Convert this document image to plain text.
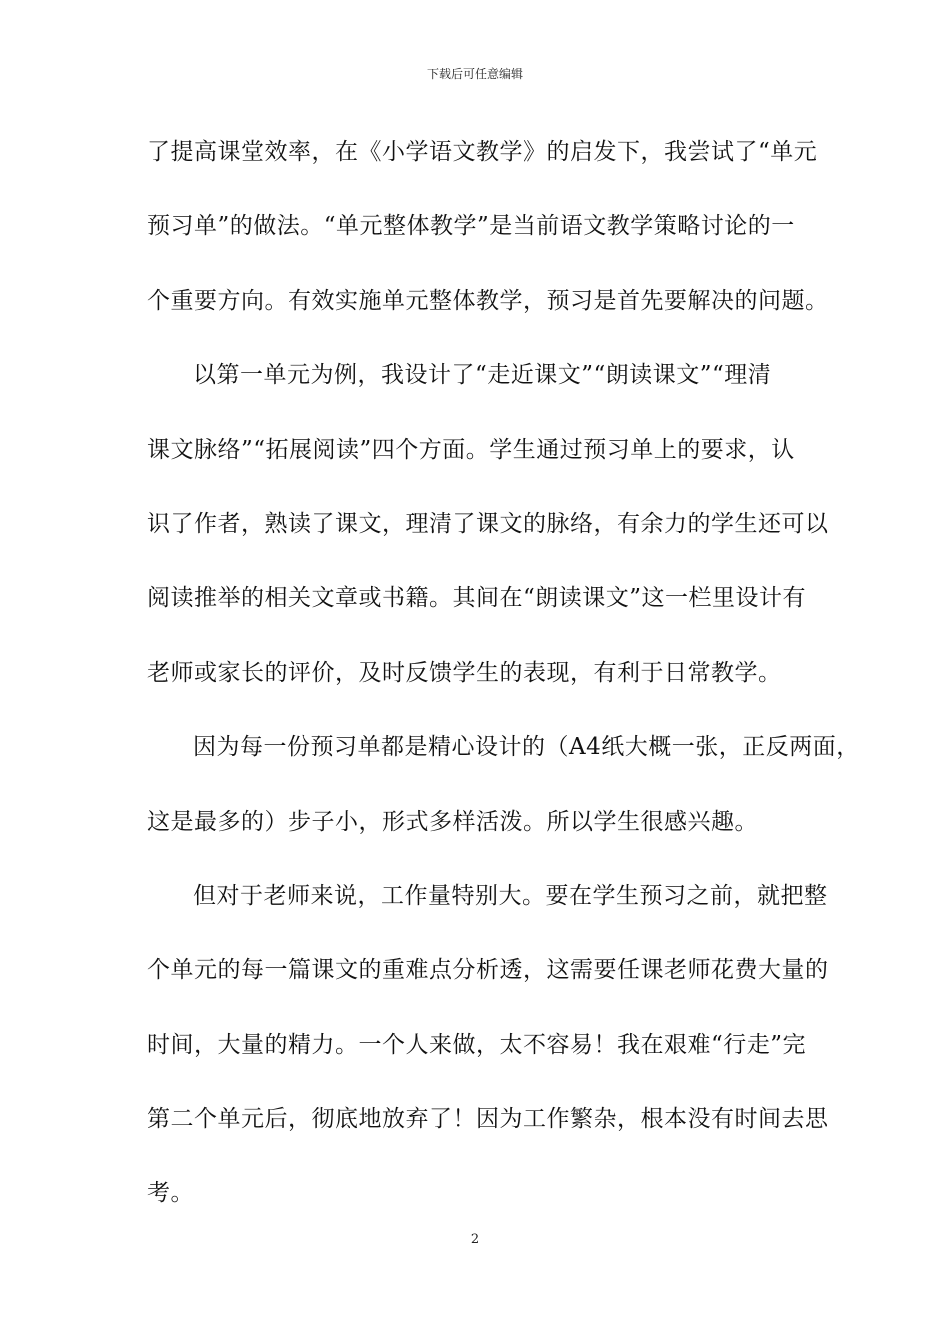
下载后可任意编辑
了提高课堂效率，在《小学语文教学》的启发下，我尝试了“单元
预习单”的做法。“单元整体教学”是当前语文教学策略讨论的一
个重要方向。有效实施单元整体教学，预习是首先要解决的问题。
以第一单元为例，我设计了“走近课文”“朗读课文”“理清
课文脉络”“拓展阅读”四个方面。学生通过预习单上的要求，认
识了作者，熟读了课文，理清了课文的脉络，有余力的学生还可以
阅读推举的相关文章或书籍。其间在“朗读课文”这一栏里设计有
老师或家长的评价，及时反馈学生的表现，有利于日常教学。
因为每一份预习单都是精心设计的（A4纸大概一张，正反两面，
这是最多的）步子小，形式多样活泼。所以学生很感兴趣。
但对于老师来说，工作量特别大。要在学生预习之前，就把整
个单元的每一篇课文的重难点分析透，这需要任课老师花费大量的
时间，大量的精力。一个人来做，太不容易！我在艰难“行走”完
第二个单元后，彻底地放弃了！因为工作繁杂，根本没有时间去思
考。
2
